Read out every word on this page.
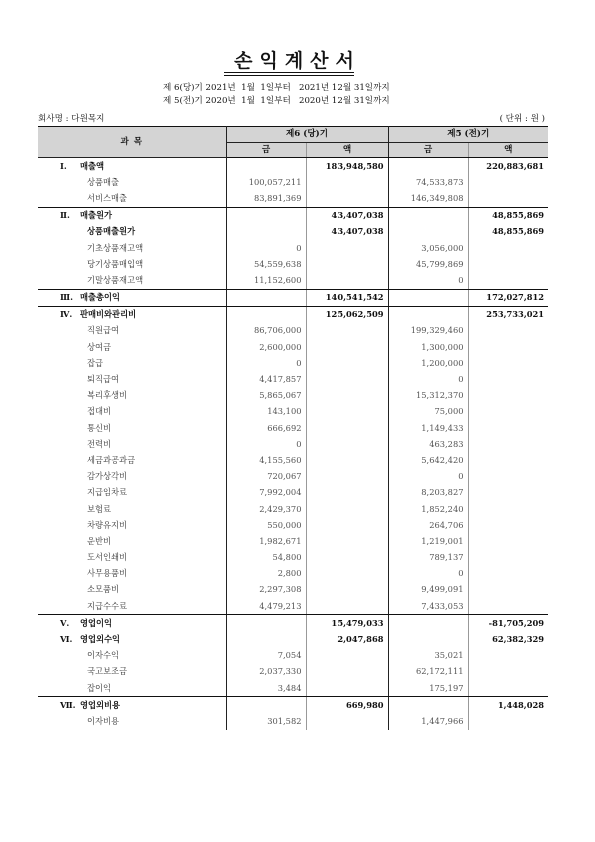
손익계산서
제 6(당)기 2021년  1월  1일부터   2021년 12월 31일까지
제 5(전)기 2020년  1월  1일부터   2020년 12월 31일까지
회사명 : 다원목지	( 단위 : 원 )
과 목	제6 (당)기		제5 (전)기	
	금	액	금	액
Ⅰ. 매출액		183,948,580		220,883,681
상품매출	100,057,211		74,533,873	
서비스매출	83,891,369		146,349,808	
Ⅱ. 매출원가		43,407,038		48,855,869
상품매출원가		43,407,038		48,855,869
기초상품재고액	0		3,056,000	
당기상품매입액	54,559,638		45,799,869	
기말상품재고액	11,152,600		0	
Ⅲ. 매출총이익		140,541,542		172,027,812
Ⅳ. 판매비와관리비		125,062,509		253,733,021
직원급여	86,706,000		199,329,460	
상여금	2,600,000		1,300,000	
잡급	0		1,200,000	
퇴직급여	4,417,857		0	
복리후생비	5,865,067		15,312,370	
접대비	143,100		75,000	
통신비	666,692		1,149,433	
전력비	0		463,283	
세금과공과금	4,155,560		5,642,420	
감가상각비	720,067		0	
지급임차료	7,992,004		8,203,827	
보험료	2,429,370		1,852,240	
차량유지비	550,000		264,706	
운반비	1,982,671		1,219,001	
도서인쇄비	54,800		789,137	
사무용품비	2,800		0	
소모품비	2,297,308		9,499,091	
지급수수료	4,479,213		7,433,053	
Ⅴ. 영업이익		15,479,033		-81,705,209
Ⅵ. 영업외수익		2,047,868		62,382,329
이자수익	7,054		35,021	
국고보조금	2,037,330		62,172,111	
잡이익	3,484		175,197	
Ⅶ. 영업외비용		669,980		1,448,028
이자비용	301,582		1,447,966	
